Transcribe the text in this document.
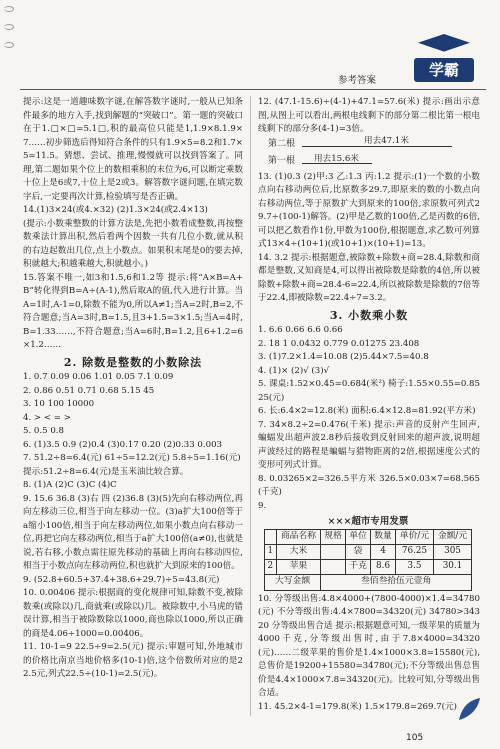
参考答案
学霸

提示:这是一道趣味数字谜,在解答数字谜时,一般从已知条件最多的地方入手,找到解题的“突破口”。第一题的突破口在于1.□×□=5.1□,积的最高位只能是1,1.9×8.1.9×7……初步筛选后得知符合条件的只有1.9×5=8.2和1.7×5=11.5。猜想、尝试、推理,慢慢就可以找到答案了。同理,第二题如果个位上的数相乘积的末位为6,可以断定乘数十位上是6或7,十位上是2或3。解答数字谜问题,在填完数字后,一定要再次计算,检验填写是否正确。

14.(1)3×24(或4.×32) (2)1.3×24(或2.4×13)

(提示:小数乘整数的计算方法是,先把小数看成整数,再按整数乘法计算出积,然后看两个因数一共有几位小数,就从积的右边起数出几位,点上小数点。如果积末尾是0的要去掉,积就越大;积越乘越大,积就越小。)

15.答案不唯一,如3和1.5,6和1.2等 提示:将“A×B=A+B”转化得到B=A÷(A-1),然后取A的值,代入进行计算。当A=1时,A-1=0,除数不能为0,所以A≠1;当A=2时,B=2,不符合题意;当A=3时,B=1.5,且3+1.5=3×1.5;当A=4时,B=1.33……,不符合题意;当A=6时,B=1.2,且6+1.2=6×1.2……

2. 除数是整数的小数除法

1. 0.7 0.09 0.06 1.01 0.05 7.1 0.09

2. 0.86 0.51 0.71 0.68 5.15 45

3. 10 100 10000

4. > < = >

5. 0.5 0.8

6. (1)3.5 0.9 (2)0.4 (3)0.17 0.20 (2)0.33 0.003

7. 51.2÷8=6.4(元) 61÷5=12.2(元) 5.8÷5=1.16(元)

提示:51.2÷8=6.4(元)是玉米油比较合算。

8. (1)A (2)C (3)C (4)C

9. 15.6 36.8 (3)右 四 (2)36.8 (3)(5)先向右移动两位,再向左移动三位,相当于向左移动一位。(3)a扩大100倍等于a缩小100倍,相当于向左移动两位,如果小数点向右移动一位,再把它向左移动两位,相当于a扩大100倍(a≠0),也就是说,若右移,小数点需往原先移动的基础上再向右移动四位,相当于小数点向左移动两位,积也就扩大到原来的100倍。

9. (52.8+60.5+37.4+38.6+29.7)÷5=43.8(元)

10. 0.00406 提示:根据商的变化规律可知,除数不变,被除数乘(或除以)几,商就乘(或除以)几。被除数中,小马虎的错误计算,相当于被除数除以1000,商也除以1000,所以正确的商是4.06÷1000=0.00406。

11. 10-1=9 22.5÷9=2.5(元) 提示:审题可知,外地城市的价格比南京当地价格多(10-1)倍,这个倍数所对应的是22.5元,列式22.5÷(10-1)=2.5(元)。

12. (47.1-15.6)÷(4-1)+47.1=57.6(米) 提示:画出示意图,从图上可以看出,两根电线剩下的部分第二根比第一根电线剩下的部分多(4-1)=3倍。

第二根	用去47.1米
第一根 用去15.6米

13. (1)0.3 (2)甲:3 乙:1.3 丙:1.2 提示:(1)一个数的小数点向右移动两位后,比原数多29.7,即原来的数的小数点向右移动两位,等于原数扩大到原来的100倍,求原数可列式29.7÷(100-1)解答。(2)甲是乙数的100倍,乙是丙数的6倍,可以把乙数看作1份,甲数为100份,根据题意,求乙数可列算式13×4÷(10+1)(或10+1)×(10+1)=13。

14. 3.2 提示:根据题意,被除数+除数+商=28.4,除数和商都是整数,又知商是4,可以得出被除数是除数的4倍,所以被除数+除数+商=28.4-6=22.4,所以被除数是除数的7倍等于22.4,即被除数=22.4÷7=3.2。

3. 小数乘小数

1. 6.6 0.66 6.6 0.66

2. 18 1 0.0432 0.779 0.01275 23.408

3. (1)7.2×1.4=10.08 (2)5.44×7.5=40.8

4. (1)× (2)√ (3)√

5. 课桌:1.52×0.45=0.684(米²) 椅子:1.55×0.55=0.8525(元)

6. 长:6.4×2=12.8(米) 面积:6.4×12.8=81.92(平方米)

7. 34×8.2÷2=0.476(千米) 提示:声音的反射产生回声,蝙蝠发出超声波2.8秒后接收到反射回来的超声波,说明超声波经过的路程是蝙蝠与猎物距离的2倍,根据速度公式的变形可列式计算。

8. 0.03265×2=326.5平方米 326.5×0.03×7=68.565(千克)

9.

×××超市专用发票
	商品名称	规格	单位	数量	单价/元	金额/元
1	大米		袋	4	76.25	305
2	苹果		千克	8.6	3.5	30.1
大写金额		叁佰叁拾伍元壹角				

10. 分等级出售:4.8×4000+(7800-4000)×1.4=34780(元) 不分等级出售:4.4×7800=34320(元) 34780>34320 分等级出售合适 提示:根据题意可知,一级苹果的质量为4000千克,分等级出售时,由于7.8×4000=34320(元)……二级苹果的售价是1.4×1000×3.8=15580(元),总售价是19200+15580=34780(元);不分等级出售总售价是4.4×1000×7.8=34320(元)。比较可知,分等级出售合适。

11. 45.2×4-1=179.8(米) 1.5×179.8=269.7(元)

105
